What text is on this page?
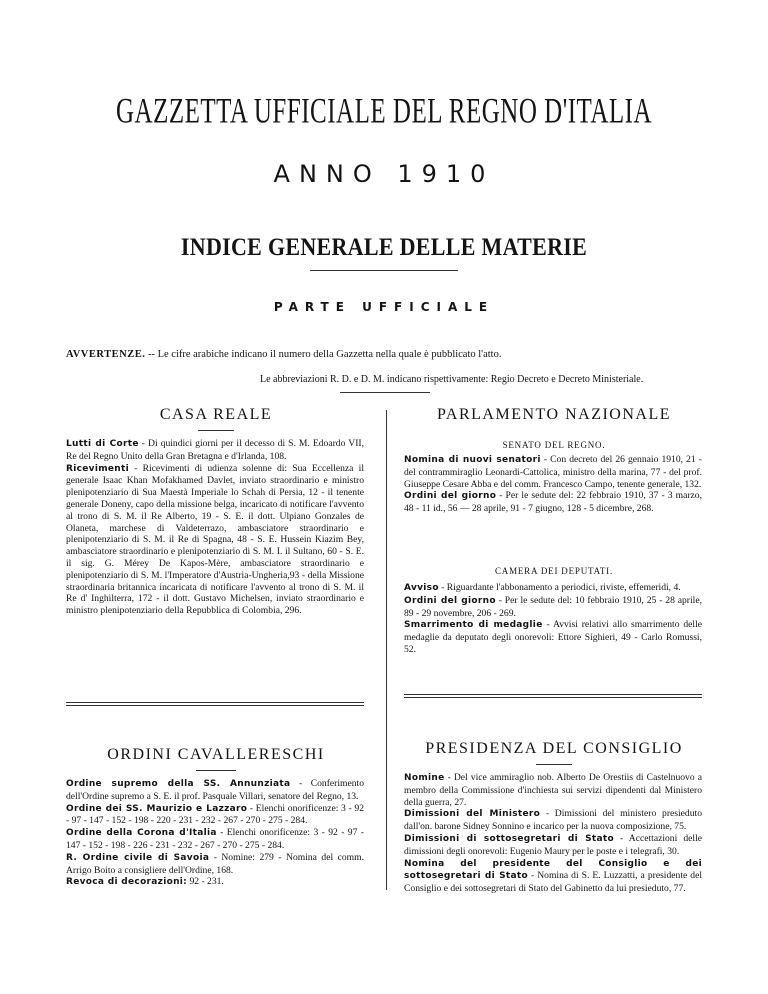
GAZZETTA UFFICIALE DEL REGNO D'ITALIA
ANNO 1910
INDICE GENERALE DELLE MATERIE
PARTE UFFICIALE
AVVERTENZE. -- Le cifre arabiche indicano il numero della Gazzetta nella quale è pubblicato l'atto.
Le abbreviazioni R. D. e D. M. indicano rispettivamente: Regio Decreto e Decreto Ministeriale.
CASA REALE

Lutti di Corte - Di quindici giorni per il decesso di S. M. Edoardo VII, Re del Regno Unito della Gran Bretagna e d'Irlanda, 108.

Ricevimenti - Ricevimenti di udienza solenne di: Sua Eccellenza il generale Isaac Khan Mofakhamed Davlet, inviato straordinario e ministro plenipotenziario di Sua Maestà Imperiale lo Schah di Persia, 12 - il tenente generale Doneny, capo della missione belga, incaricato di notificare l'avvento al trono di S. M. il Re Alberto, 19 - S. E. il dott. Ulpiano Gonzales de Olaneta, marchese di Valdeterrazo, ambasciatore straordinario e plenipotenziario di S. M. il Re di Spagna, 48 - S. E. Hussein Kiazim Bey, ambasciatore straordinario e plenipotenziario di S. M. I. il Sultano, 60 - S. E. il sig. G. Mérey De Kapos-Mère, ambasciatore straordinario e plenipotenziario di S. M. l'Imperatore d'Austria-Ungheria,93 - della Missione straordinaria britannica incaricata di notificare l'avvento al trono di S. M. il Re d' Inghilterra, 172 - il dott. Gustavo Michelsen, inviato straordinario e ministro plenipotenziario della Repubblica di Colombia, 296.

ORDINI CAVALLERESCHI

Ordine supremo della SS. Annunziata - Conferimento dell'Ordine supremo a S. E. il prof. Pasquale Villari, senatore del Regno, 13.

Ordine dei SS. Maurizio e Lazzaro - Elenchi onorificenze: 3 - 92 - 97 - 147 - 152 - 198 - 220 - 231 - 232 - 267 - 270 - 275 - 284.

Ordine della Corona d'Italia - Elenchi onorificenze: 3 - 92 - 97 - 147 - 152 - 198 - 226 - 231 - 232 - 267 - 270 - 275 - 284.

R. Ordine civile di Savoia - Nomine: 279 - Nomina del comm. Arrigo Boito a consigliere dell'Ordine, 168.

Revoca di decorazioni: 92 - 231.

PARLAMENTO NAZIONALE
SENATO DEL REGNO.

Nomina di nuovi senatori - Con decreto del 26 gennaio 1910, 21 - del contrammiraglio Leonardi-Cattolica, ministro della marina, 77 - del prof. Giuseppe Cesare Abba e del comm. Francesco Campo, tenente generale, 132.

Ordini del giorno - Per le sedute del: 22 febbraio 1910, 37 - 3 marzo, 48 - 11 id., 56 — 28 aprile, 91 - 7 giugno, 128 - 5 dicembre, 268.

CAMERA DEI DEPUTATI.

Avviso - Riguardante l'abbonamento a periodici, riviste, effemeridi, 4.

Ordini del giorno - Per le sedute del: 10 febbraio 1910, 25 - 28 aprile, 89 - 29 novembre, 206 - 269.

Smarrimento di medaglie - Avvisi relativi allo smarrimento delle medaglie da deputato degli onorevoli: Ettore Sighieri, 49 - Carlo Romussi, 52.

PRESIDENZA DEL CONSIGLIO

Nomine - Del vice ammiraglio nob. Alberto De Orestiis di Castelnuovo a membro della Commissione d'inchiesta sui servizi dipendenti dal Ministero della guerra, 27.

Dimissioni del Ministero - Dimissioni del ministero presieduto dall'on. barone Sidney Sonnino e incarico per la nuova composizione, 75.

Dimissioni di sottosegretari di Stato - Accettazioni delle dimissioni degli onorevoli: Eugenio Maury per le poste e i telegrafi, 30.

Nomina del presidente del Consiglio e dei sottosegretari di Stato - Nomina di S. E. Luzzatti, a presidente del Consiglio e dei sottosegretari di Stato del Gabinetto da lui presieduto, 77.
